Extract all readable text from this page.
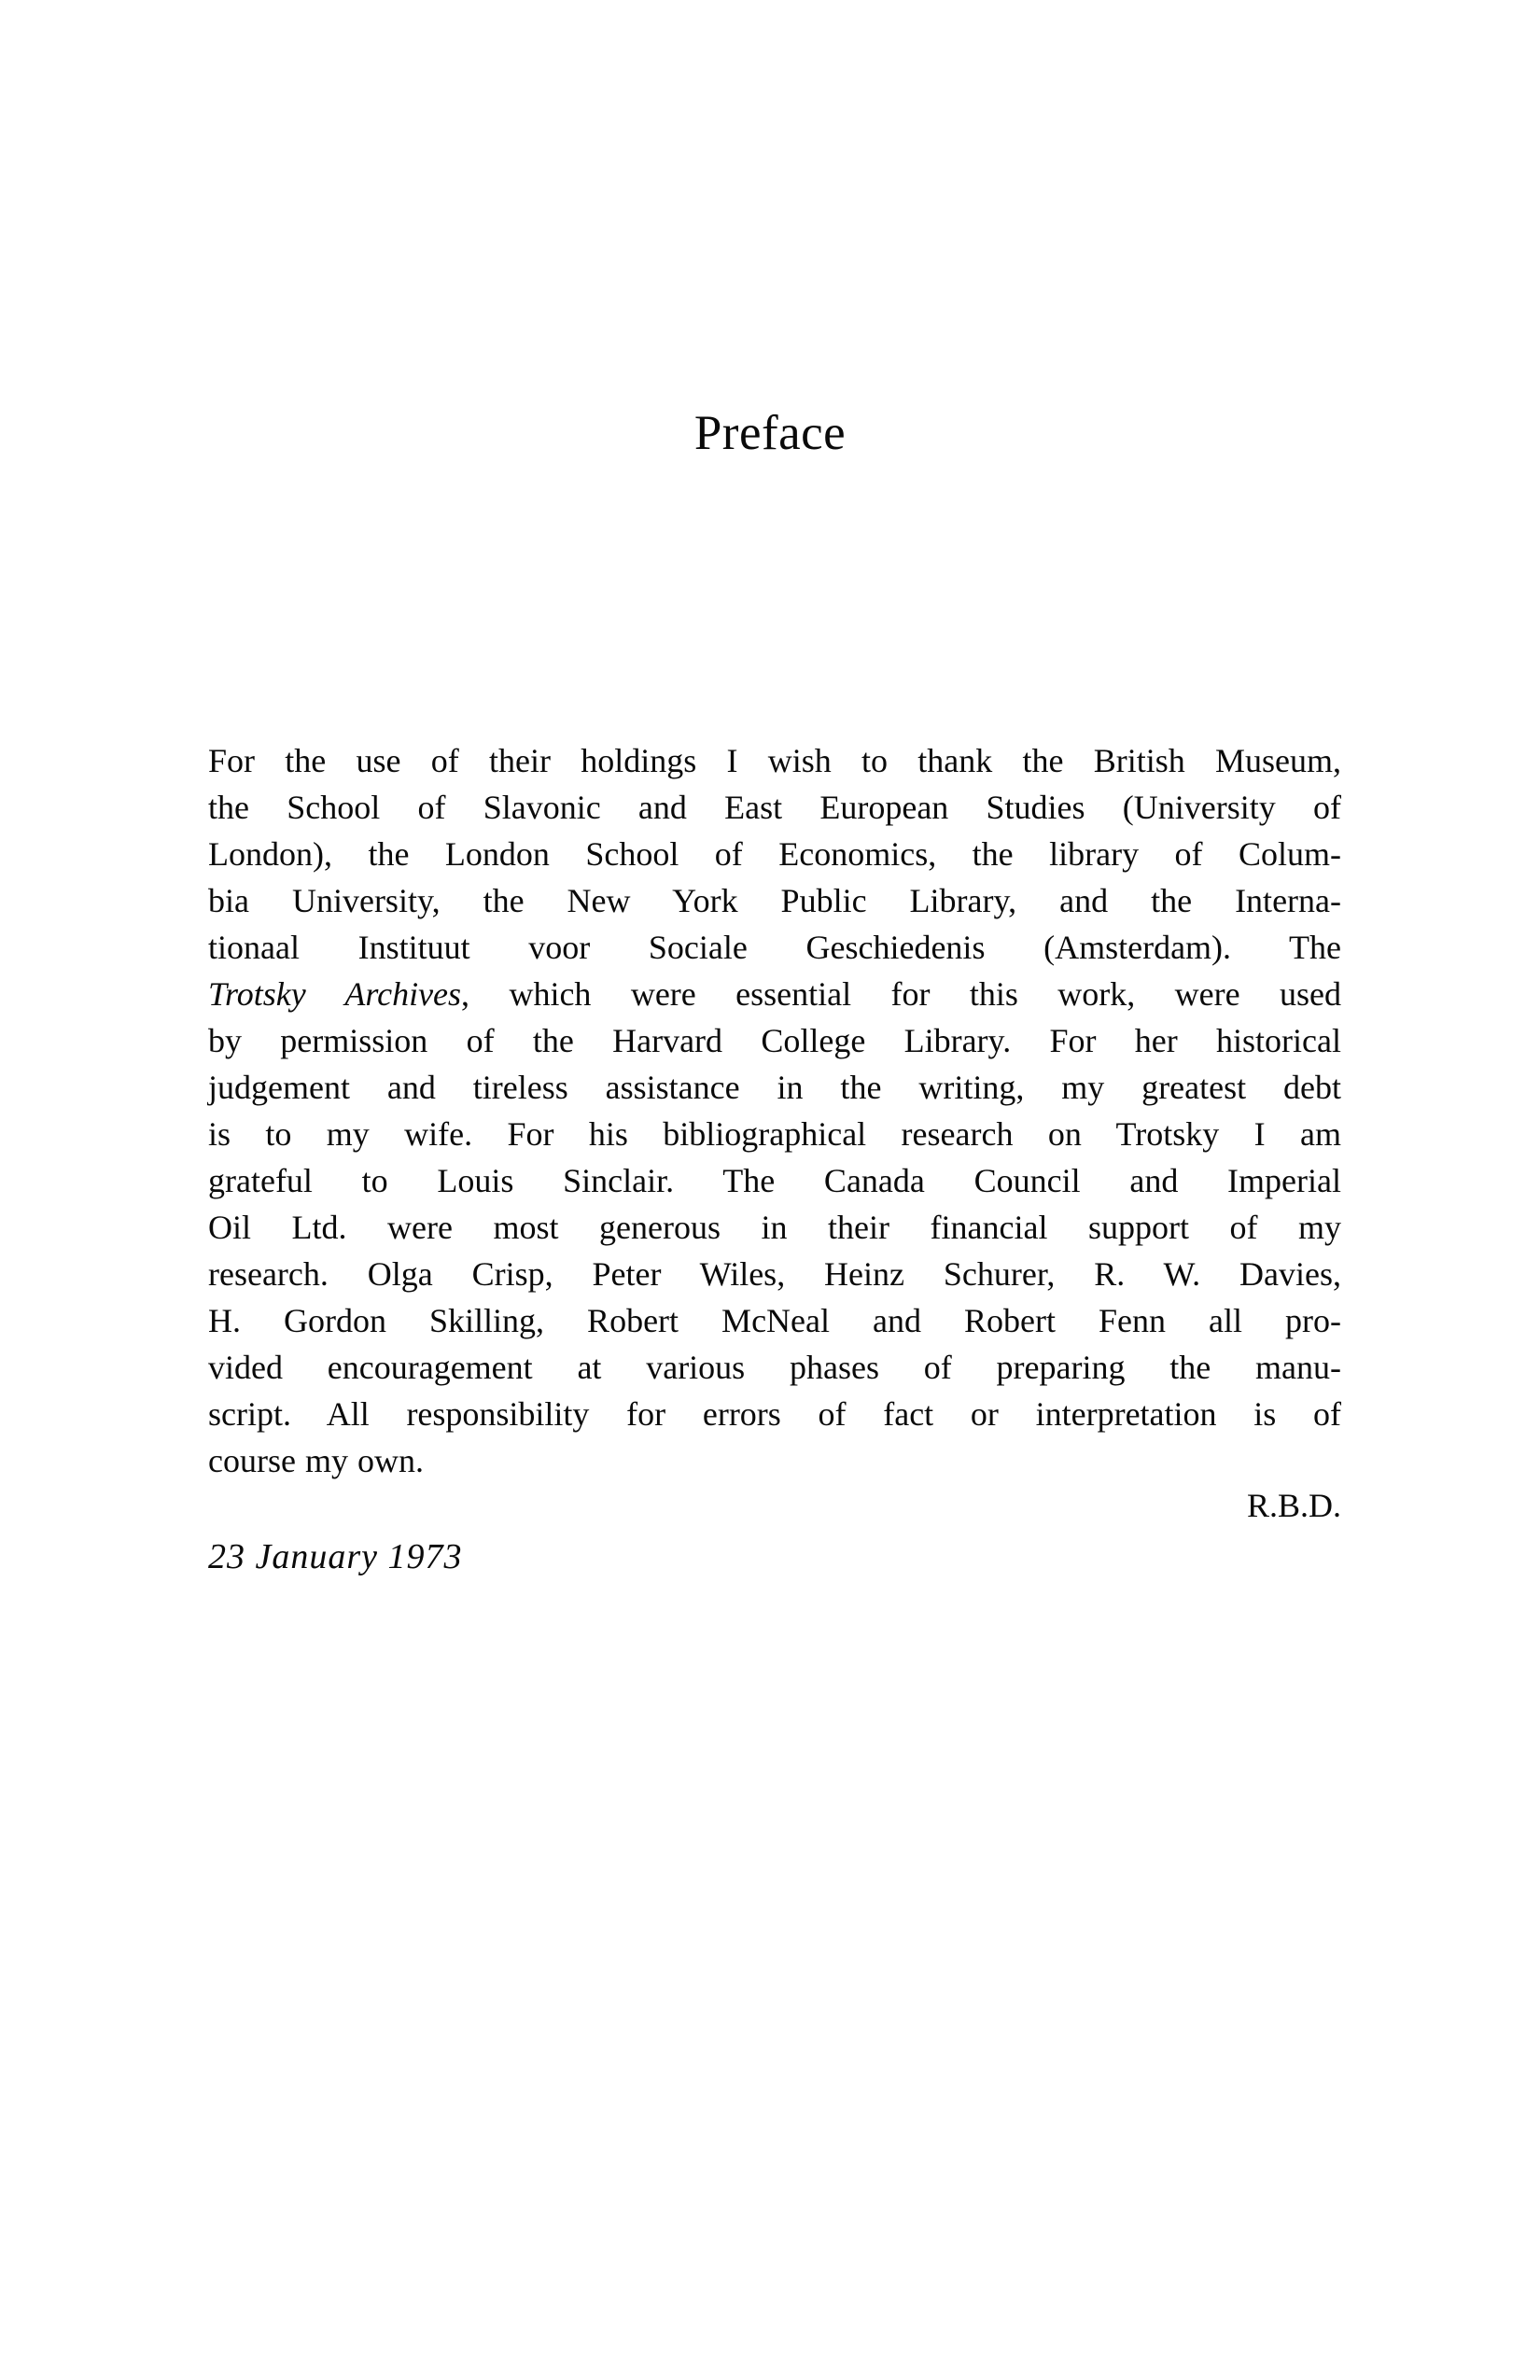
Preface
For the use of their holdings I wish to thank the British Museum,
the School of Slavonic and East European Studies (University of
London), the London School of Economics, the library of Colum-
bia University, the New York Public Library, and the Interna-
tionaal Instituut voor Sociale Geschiedenis (Amsterdam). The
Trotsky Archives, which were essential for this work, were used
by permission of the Harvard College Library. For her historical
judgement and tireless assistance in the writing, my greatest debt
is to my wife. For his bibliographical research on Trotsky I am
grateful to Louis Sinclair. The Canada Council and Imperial
Oil Ltd. were most generous in their financial support of my
research. Olga Crisp, Peter Wiles, Heinz Schurer, R. W. Davies,
H. Gordon Skilling, Robert McNeal and Robert Fenn all pro-
vided encouragement at various phases of preparing the manu-
script. All responsibility for errors of fact or interpretation is of
course my own.
R.B.D.
23 January 1973
